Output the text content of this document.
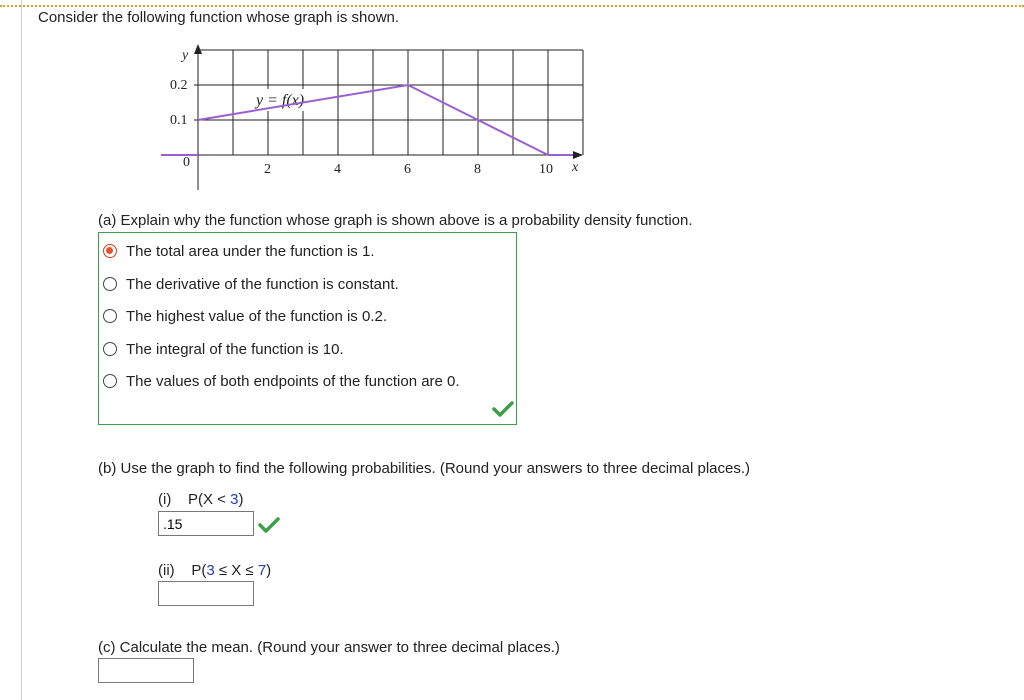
Consider the following function whose graph is shown.
0.2
0.1
0
y
2	4	6	8	10 x
y = f(x)
(a) Explain why the function whose graph is shown above is a probability density function.
The total area under the function is 1.
The derivative of the function is constant.
The highest value of the function is 0.2.
The integral of the function is 10.
The values of both endpoints of the function are 0.
(b) Use the graph to find the following probabilities. (Round your answers to three decimal places.)
(i) P(X < 3)
.15
(ii) P(3 ≤ X ≤ 7)
(c) Calculate the mean. (Round your answer to three decimal places.)
